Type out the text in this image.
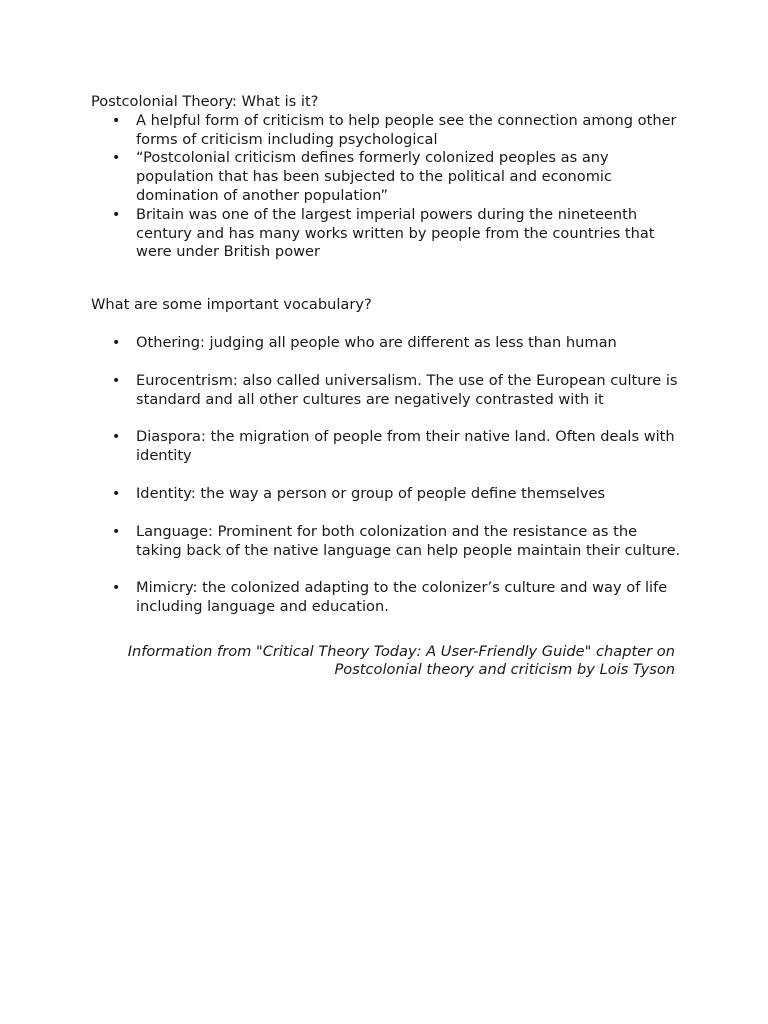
Postcolonial Theory: What is it?

• A helpful form of criticism to help people see the connection among other forms of criticism including psychological
• “Postcolonial criticism defines formerly colonized peoples as any population that has been subjected to the political and economic domination of another population”
• Britain was one of the largest imperial powers during the nineteenth century and has many works written by people from the countries that were under British power

What are some important vocabulary?

• Othering: judging all people who are different as less than human
• Eurocentrism: also called universalism. The use of the European culture is standard and all other cultures are negatively contrasted with it
• Diaspora: the migration of people from their native land. Often deals with identity
• Identity: the way a person or group of people define themselves
• Language: Prominent for both colonization and the resistance as the taking back of the native language can help people maintain their culture.
• Mimicry: the colonized adapting to the colonizer’s culture and way of life including language and education.

Information from "Critical Theory Today: A User-Friendly Guide" chapter on
Postcolonial theory and criticism by Lois Tyson
